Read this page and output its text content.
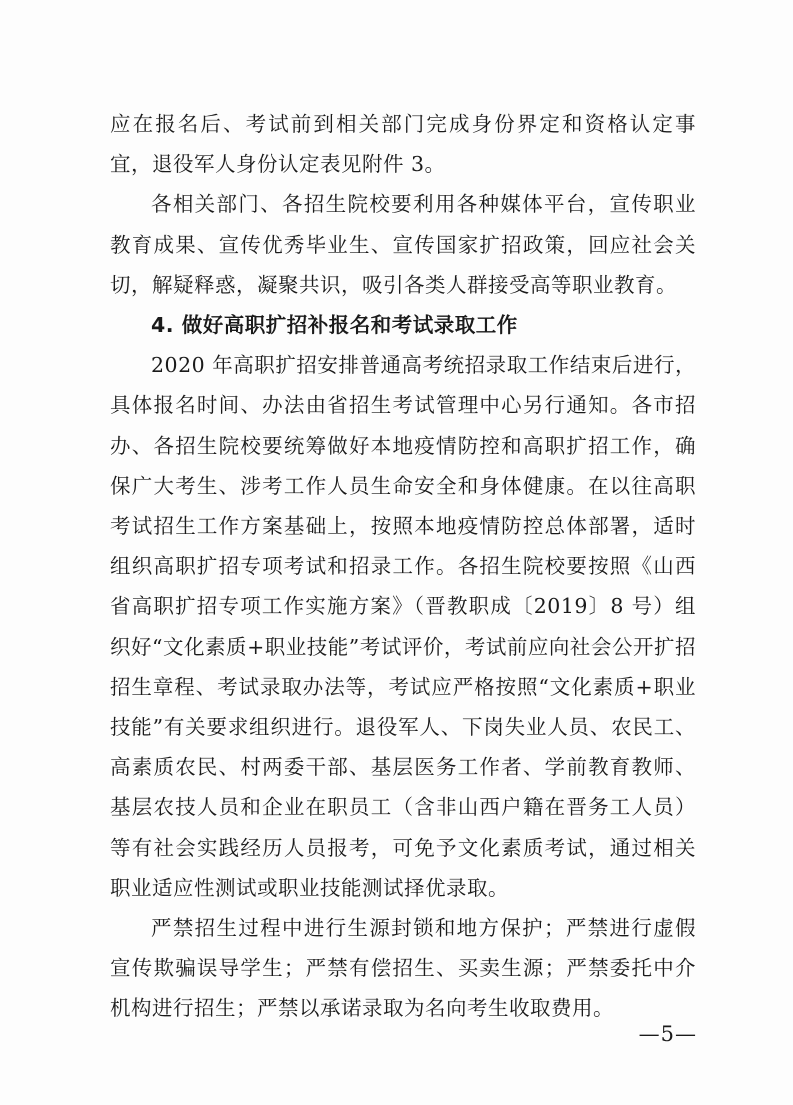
应在报名后、考试前到相关部门完成身份界定和资格认定事宜，退役军人身份认定表见附件 3。

各相关部门、各招生院校要利用各种媒体平台，宣传职业教育成果、宣传优秀毕业生、宣传国家扩招政策，回应社会关切，解疑释惑，凝聚共识，吸引各类人群接受高等职业教育。

4. 做好高职扩招补报名和考试录取工作

2020 年高职扩招安排普通高考统招录取工作结束后进行，具体报名时间、办法由省招生考试管理中心另行通知。各市招办、各招生院校要统筹做好本地疫情防控和高职扩招工作，确保广大考生、涉考工作人员生命安全和身体健康。在以往高职考试招生工作方案基础上，按照本地疫情防控总体部署，适时组织高职扩招专项考试和招录工作。各招生院校要按照《山西省高职扩招专项工作实施方案》（晋教职成〔2019〕8 号）组织好“文化素质+职业技能”考试评价，考试前应向社会公开扩招招生章程、考试录取办法等，考试应严格按照“文化素质+职业技能”有关要求组织进行。退役军人、下岗失业人员、农民工、高素质农民、村两委干部、基层医务工作者、学前教育教师、基层农技人员和企业在职员工（含非山西户籍在晋务工人员）等有社会实践经历人员报考，可免予文化素质考试，通过相关职业适应性测试或职业技能测试择优录取。

严禁招生过程中进行生源封锁和地方保护；严禁进行虚假宣传欺骗误导学生；严禁有偿招生、买卖生源；严禁委托中介机构进行招生；严禁以承诺录取为名向考生收取费用。

—5—
